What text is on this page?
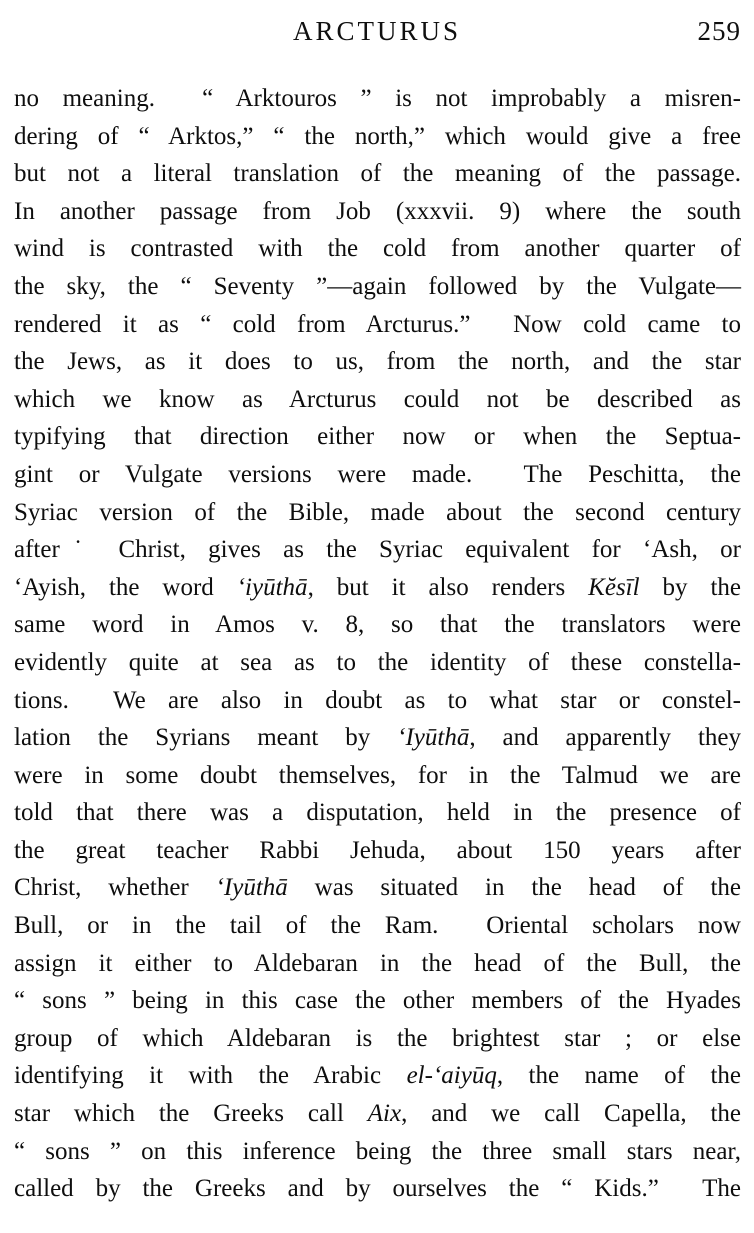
ARCTURUS	259
no meaning.  “ Arktouros ” is not improbably a misren-
dering of “ Arktos,” “ the north,” which would give a free
but not a literal translation of the meaning of the passage.
In another passage from Job (xxxvii. 9) where the south
wind is contrasted with the cold from another quarter of
the sky, the “ Seventy ”—again followed by the Vulgate—
rendered it as “ cold from Arcturus.”  Now cold came to
the Jews, as it does to us, from the north, and the star
which we know as Arcturus could not be described as
typifying that direction either now or when the Septua-
gint or Vulgate versions were made.  The Peschitta, the
Syriac version of the Bible, made about the second century
after˙ Christ, gives as the Syriac equivalent for ‘Ash, or
‘Ayish, the word ‘iyūthā, but it also renders Kĕsīl by the
same word in Amos v. 8, so that the translators were
evidently quite at sea as to the identity of these constella-
tions.  We are also in doubt as to what star or constel-
lation the Syrians meant by ‘Iyūthā, and apparently they
were in some doubt themselves, for in the Talmud we are
told that there was a disputation, held in the presence of
the great teacher Rabbi Jehuda, about 150 years after
Christ, whether ‘Iyūthā was situated in the head of the
Bull, or in the tail of the Ram.  Oriental scholars now
assign it either to Aldebaran in the head of the Bull, the
“ sons ” being in this case the other members of the Hyades
group of which Aldebaran is the brightest star ; or else
identifying it with the Arabic el-‘aiyūq, the name of the
star which the Greeks call Aix, and we call Capella, the
“ sons ” on this inference being the three small stars near,
called by the Greeks and by ourselves the “ Kids.”  The
